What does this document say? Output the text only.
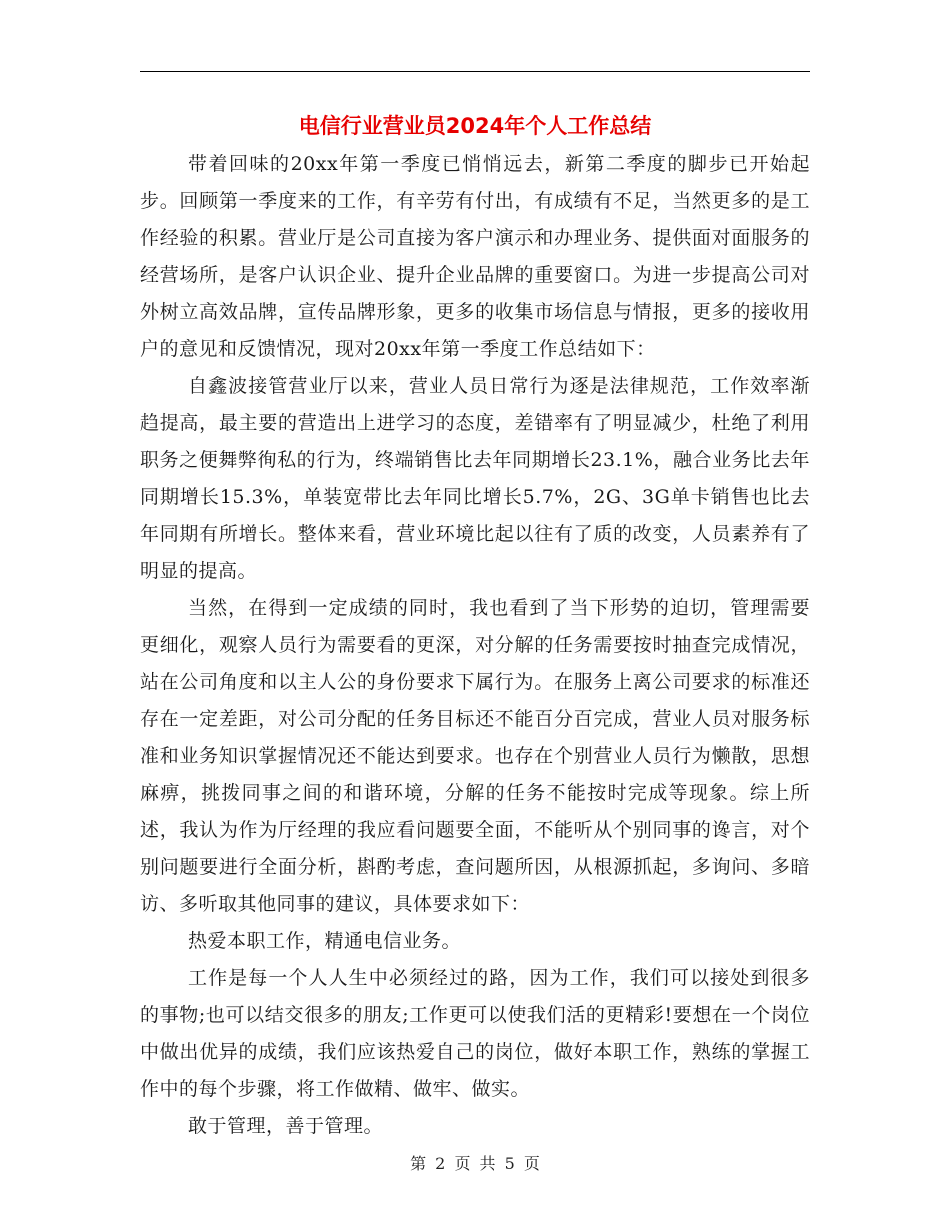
电信行业营业员2024年个人工作总结

带着回味的20xx年第一季度已悄悄远去，新第二季度的脚步已开始起步。回顾第一季度来的工作，有辛劳有付出，有成绩有不足，当然更多的是工作经验的积累。营业厅是公司直接为客户演示和办理业务、提供面对面服务的经营场所，是客户认识企业、提升企业品牌的重要窗口。为进一步提高公司对外树立高效品牌，宣传品牌形象，更多的收集市场信息与情报，更多的接收用户的意见和反馈情况，现对20xx年第一季度工作总结如下：

自鑫波接管营业厅以来，营业人员日常行为逐是法律规范，工作效率渐趋提高，最主要的营造出上进学习的态度，差错率有了明显减少，杜绝了利用职务之便舞弊徇私的行为，终端销售比去年同期增长23.1%，融合业务比去年同期增长15.3%，单装宽带比去年同比增长5.7%，2G、3G单卡销售也比去年同期有所增长。整体来看，营业环境比起以往有了质的改变，人员素养有了明显的提高。

当然，在得到一定成绩的同时，我也看到了当下形势的迫切，管理需要更细化，观察人员行为需要看的更深，对分解的任务需要按时抽查完成情况，站在公司角度和以主人公的身份要求下属行为。在服务上离公司要求的标准还存在一定差距，对公司分配的任务目标还不能百分百完成，营业人员对服务标准和业务知识掌握情况还不能达到要求。也存在个别营业人员行为懒散，思想麻痹，挑拨同事之间的和谐环境，分解的任务不能按时完成等现象。综上所述，我认为作为厅经理的我应看问题要全面，不能听从个别同事的谗言，对个别问题要进行全面分析，斟酌考虑，查问题所因，从根源抓起，多询问、多暗访、多听取其他同事的建议，具体要求如下：

热爱本职工作，精通电信业务。

工作是每一个人人生中必须经过的路，因为工作，我们可以接处到很多的事物;也可以结交很多的朋友;工作更可以使我们活的更精彩!要想在一个岗位中做出优异的成绩，我们应该热爱自己的岗位，做好本职工作，熟练的掌握工作中的每个步骤，将工作做精、做牢、做实。

敢于管理，善于管理。

第 2 页 共 5 页
